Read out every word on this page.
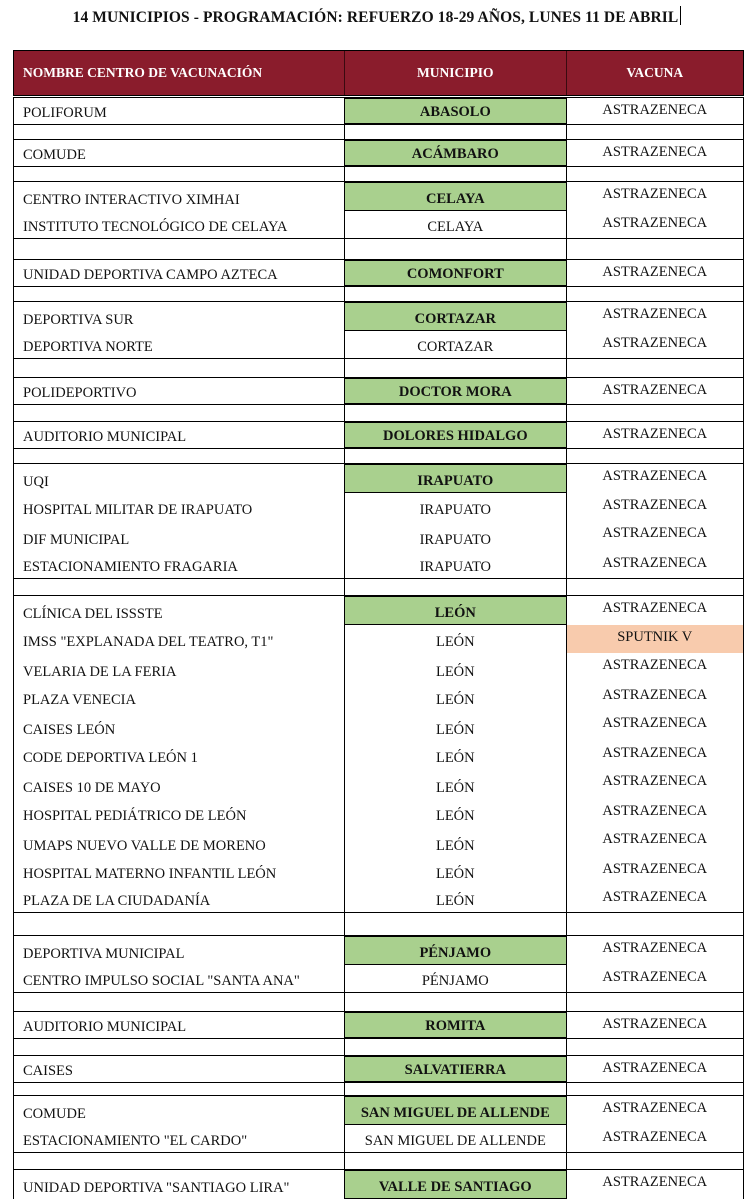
14 MUNICIPIOS - PROGRAMACIÓN: REFUERZO 18-29 AÑOS, LUNES 11 DE ABRIL
NOMBRE CENTRO DE VACUNACIÓN	MUNICIPIO	VACUNA
POLIFORUM	ABASOLO	ASTRAZENECA
COMUDE	ACÁMBARO	ASTRAZENECA
CENTRO INTERACTIVO XIMHAI	CELAYA	ASTRAZENECA
INSTITUTO TECNOLÓGICO DE CELAYA	CELAYA	ASTRAZENECA
UNIDAD DEPORTIVA CAMPO AZTECA	COMONFORT	ASTRAZENECA
DEPORTIVA SUR	CORTAZAR	ASTRAZENECA
DEPORTIVA NORTE	CORTAZAR	ASTRAZENECA
POLIDEPORTIVO	DOCTOR MORA	ASTRAZENECA
AUDITORIO MUNICIPAL	DOLORES HIDALGO	ASTRAZENECA
UQI	IRAPUATO	ASTRAZENECA
HOSPITAL MILITAR DE IRAPUATO	IRAPUATO	ASTRAZENECA
DIF MUNICIPAL	IRAPUATO	ASTRAZENECA
ESTACIONAMIENTO FRAGARIA	IRAPUATO	ASTRAZENECA
CLÍNICA DEL ISSSTE	LEÓN	ASTRAZENECA
IMSS "EXPLANADA DEL TEATRO, T1"	LEÓN	SPUTNIK V
VELARIA DE LA FERIA	LEÓN	ASTRAZENECA
PLAZA VENECIA	LEÓN	ASTRAZENECA
CAISES LEÓN	LEÓN	ASTRAZENECA
CODE DEPORTIVA LEÓN 1	LEÓN	ASTRAZENECA
CAISES 10 DE MAYO	LEÓN	ASTRAZENECA
HOSPITAL PEDIÁTRICO DE LEÓN	LEÓN	ASTRAZENECA
UMAPS NUEVO VALLE DE MORENO	LEÓN	ASTRAZENECA
HOSPITAL MATERNO INFANTIL LEÓN	LEÓN	ASTRAZENECA
PLAZA DE LA CIUDADANÍA	LEÓN	ASTRAZENECA
DEPORTIVA MUNICIPAL	PÉNJAMO	ASTRAZENECA
CENTRO IMPULSO SOCIAL "SANTA ANA"	PÉNJAMO	ASTRAZENECA
AUDITORIO MUNICIPAL	ROMITA	ASTRAZENECA
CAISES	SALVATIERRA	ASTRAZENECA
COMUDE	SAN MIGUEL DE ALLENDE	ASTRAZENECA
ESTACIONAMIENTO "EL CARDO"	SAN MIGUEL DE ALLENDE	ASTRAZENECA
UNIDAD DEPORTIVA "SANTIAGO LIRA"	VALLE DE SANTIAGO	ASTRAZENECA
